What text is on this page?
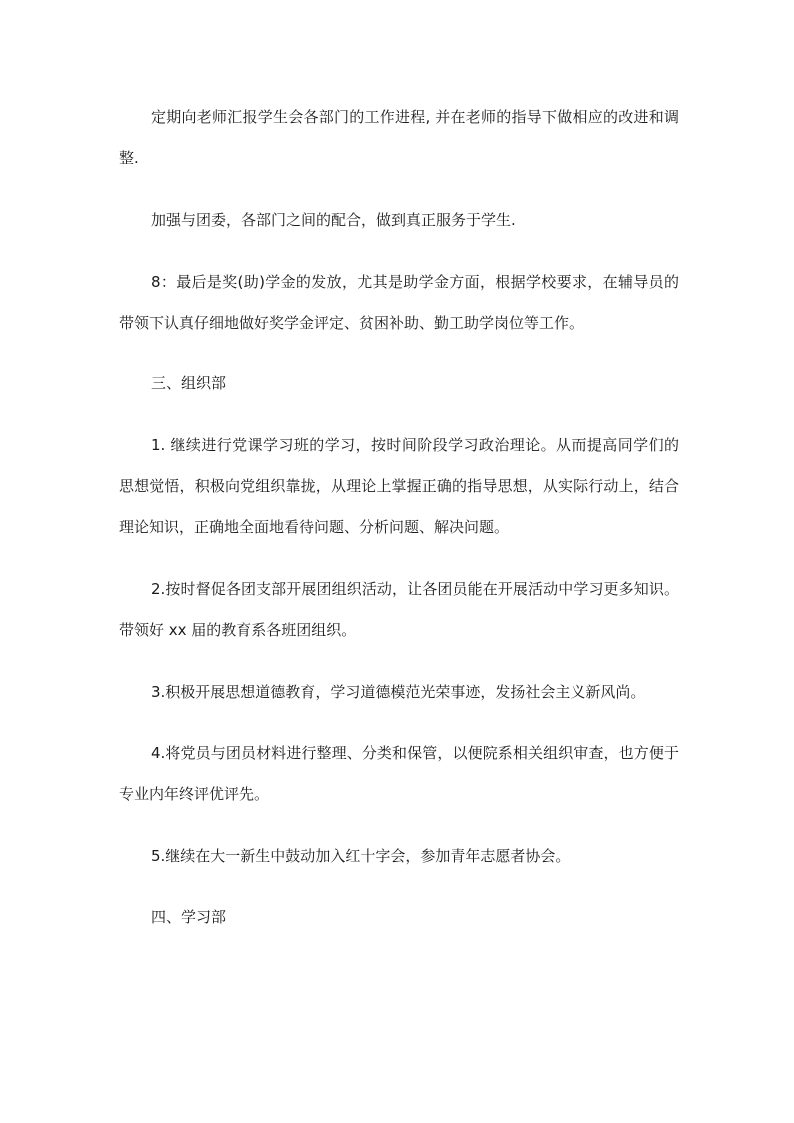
定期向老师汇报学生会各部门的工作进程, 并在老师的指导下做相应的改进和调整.

加强与团委，各部门之间的配合，做到真正服务于学生.

8：最后是奖(助)学金的发放，尤其是助学金方面，根据学校要求，在辅导员的带领下认真仔细地做好奖学金评定、贫困补助、勤工助学岗位等工作。

三、组织部

1. 继续进行党课学习班的学习，按时间阶段学习政治理论。从而提高同学们的思想觉悟，积极向党组织靠拢，从理论上掌握正确的指导思想，从实际行动上，结合理论知识，正确地全面地看待问题、分析问题、解决问题。

2.按时督促各团支部开展团组织活动，让各团员能在开展活动中学习更多知识。带领好 xx 届的教育系各班团组织。

3.积极开展思想道德教育，学习道德模范光荣事迹，发扬社会主义新风尚。

4.将党员与团员材料进行整理、分类和保管，以便院系相关组织审查，也方便于专业内年终评优评先。

5.继续在大一新生中鼓动加入红十字会，参加青年志愿者协会。

四、学习部
